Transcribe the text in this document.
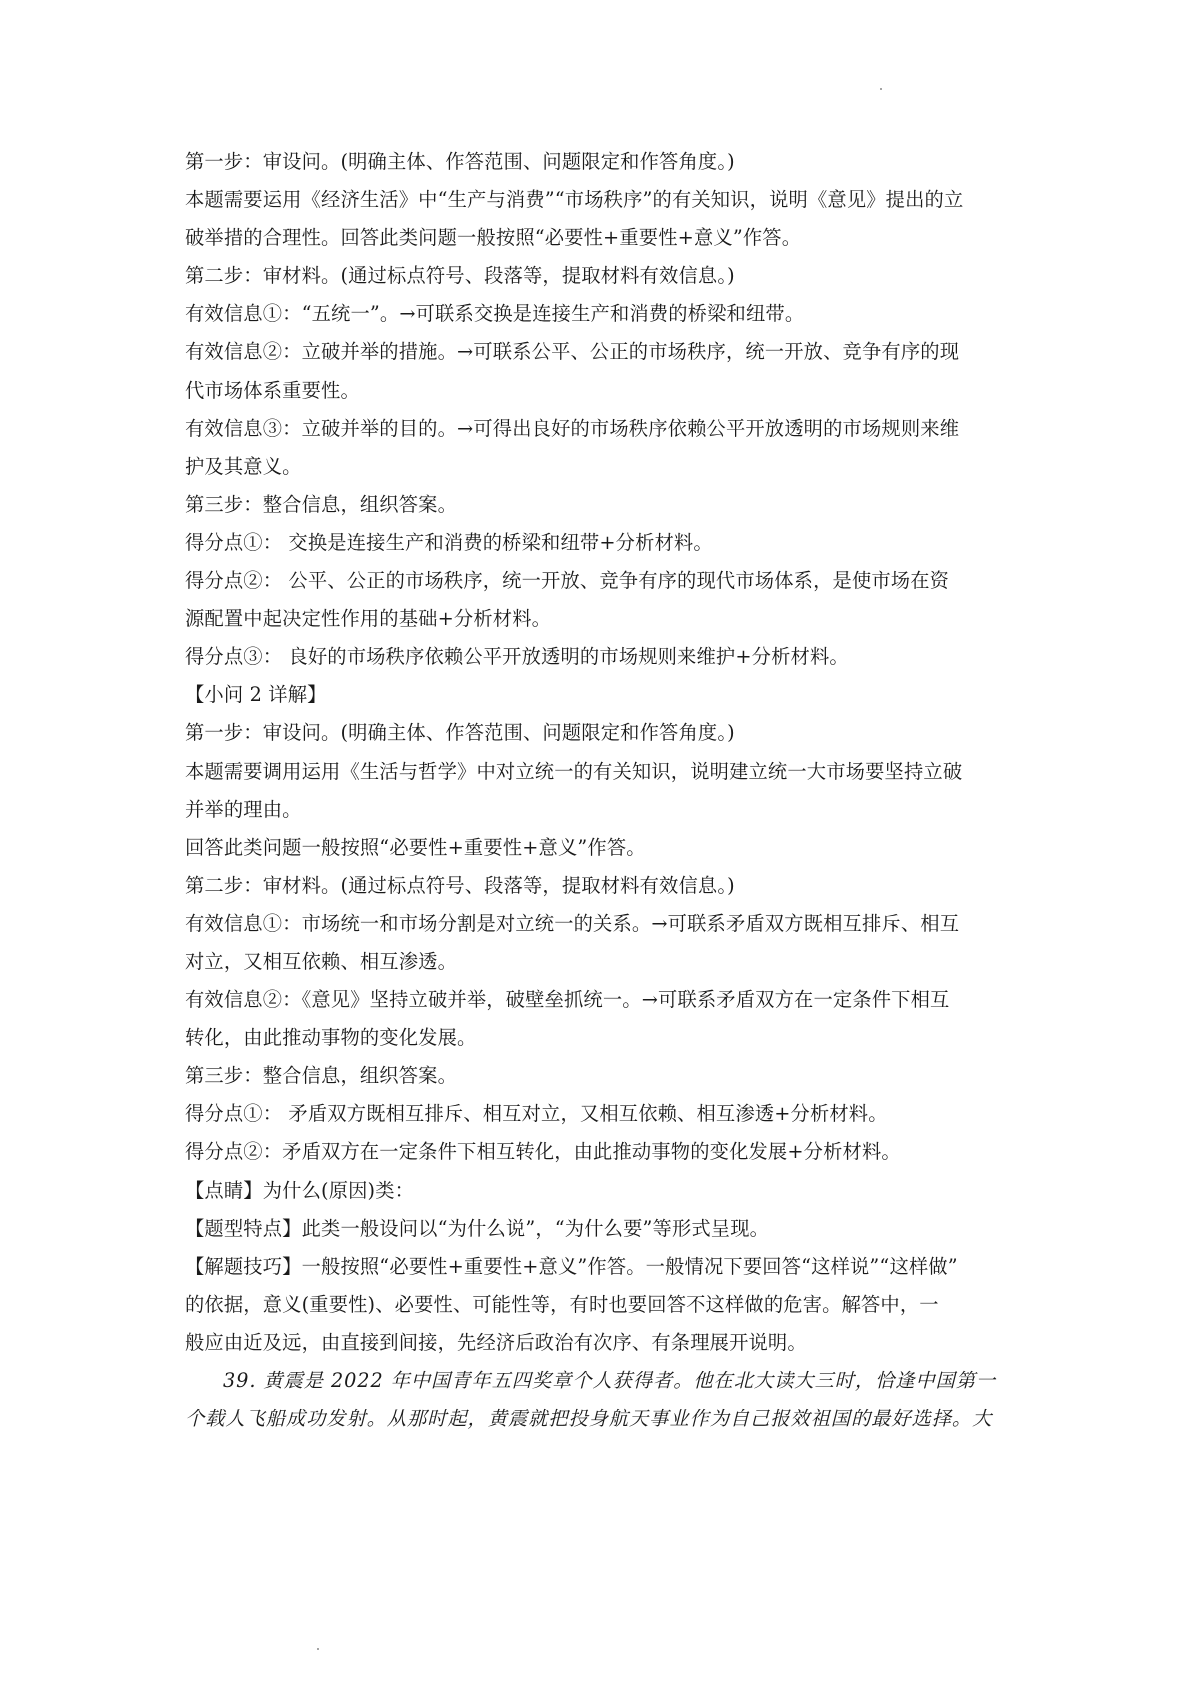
第一步：审设问。(明确主体、作答范围、问题限定和作答角度。)
本题需要运用《经济生活》中“生产与消费”“市场秩序”的有关知识，说明《意见》提出的立
破举措的合理性。回答此类问题一般按照“必要性+重要性+意义”作答。
第二步：审材料。(通过标点符号、段落等，提取材料有效信息。)
有效信息①：“五统一”。→可联系交换是连接生产和消费的桥梁和纽带。
有效信息②：立破并举的措施。→可联系公平、公正的市场秩序，统一开放、竞争有序的现
代市场体系重要性。
有效信息③：立破并举的目的。→可得出良好的市场秩序依赖公平开放透明的市场规则来维
护及其意义。
第三步：整合信息，组织答案。
得分点①： 交换是连接生产和消费的桥梁和纽带+分析材料。
得分点②： 公平、公正的市场秩序，统一开放、竞争有序的现代市场体系，是使市场在资
源配置中起决定性作用的基础+分析材料。
得分点③： 良好的市场秩序依赖公平开放透明的市场规则来维护+分析材料。
【小问 2 详解】
第一步：审设问。(明确主体、作答范围、问题限定和作答角度。)
本题需要调用运用《生活与哲学》中对立统一的有关知识，说明建立统一大市场要坚持立破
并举的理由。
回答此类问题一般按照“必要性+重要性+意义”作答。
第二步：审材料。(通过标点符号、段落等，提取材料有效信息。)
有效信息①：市场统一和市场分割是对立统一的关系。→可联系矛盾双方既相互排斥、相互
对立，又相互依赖、相互渗透。
有效信息②：《意见》坚持立破并举，破壁垒抓统一。→可联系矛盾双方在一定条件下相互
转化，由此推动事物的变化发展。
第三步：整合信息，组织答案。
得分点①： 矛盾双方既相互排斥、相互对立，又相互依赖、相互渗透+分析材料。
得分点②：矛盾双方在一定条件下相互转化，由此推动事物的变化发展+分析材料。
【点睛】为什么(原因)类：
【题型特点】此类一般设问以“为什么说”，“为什么要”等形式呈现。
【解题技巧】一般按照“必要性+重要性+意义”作答。一般情况下要回答“这样说”“这样做”
的依据，意义(重要性)、必要性、可能性等，有时也要回答不这样做的危害。解答中，一
般应由近及远，由直接到间接，先经济后政治有次序、有条理展开说明。
39. 黄震是 2022 年中国青年五四奖章个人获得者。他在北大读大三时，恰逢中国第一
个载人飞船成功发射。从那时起，黄震就把投身航天事业作为自己报效祖国的最好选择。大
